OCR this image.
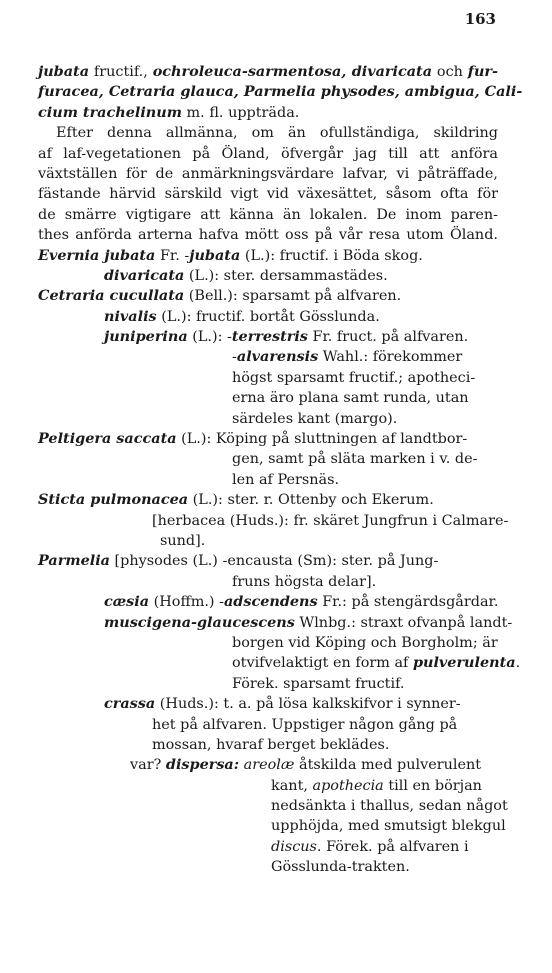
163
jubata fructif., ochroleuca-sarmentosa, divaricata och fur-
furacea, Cetraria glauca, Parmelia physodes, ambigua, Cali-
cium trachelinum m. fl. uppträda.
Efter denna allmänna, om än ofullständiga, skildring
af laf-vegetationen på Öland, öfvergår jag till att anföra
växtställen för de anmärkningsvärdare lafvar, vi påträffade,
fästande härvid särskild vigt vid växesättet, såsom ofta för
de smärre vigtigare att känna än lokalen. De inom paren-
thes anförda arterna hafva mött oss på vår resa utom Öland.
Evernia jubata Fr. -jubata (L.): fructif. i Böda skog.
divaricata (L.): ster. dersammastädes.
Cetraria cucullata (Bell.): sparsamt på alfvaren.
nivalis (L.): fructif. bortåt Gösslunda.
juniperina (L.): -terrestris Fr. fruct. på alfvaren.
-alvarensis Wahl.: förekommer
högst sparsamt fructif.; apotheci-
erna äro plana samt runda, utan
särdeles kant (margo).
Peltigera saccata (L.): Köping på sluttningen af landtbor-
gen, samt på släta marken i v. de-
len af Persnäs.
Sticta pulmonacea (L.): ster. r. Ottenby och Ekerum.
[herbacea (Huds.): fr. skäret Jungfrun i Calmare-
sund].
Parmelia [physodes (L.) -encausta (Sm): ster. på Jung-
fruns högsta delar].
cæsia (Hoffm.) -adscendens Fr.: på stengärdsgårdar.
muscigena-glaucescens Wlnbg.: straxt ofvanpå landt-
borgen vid Köping och Borgholm; är
otvifvelaktigt en form af pulverulenta.
Förek. sparsamt fructif.
crassa (Huds.): t. a. på lösa kalkskifvor i synner-
het på alfvaren. Uppstiger någon gång på
mossan, hvaraf berget beklädes.
var? dispersa: areolæ åtskilda med pulverulent
kant, apothecia till en början
nedsänkta i thallus, sedan något
upphöjda, med smutsigt blekgul
discus. Förek. på alfvaren i
Gösslunda-trakten.
